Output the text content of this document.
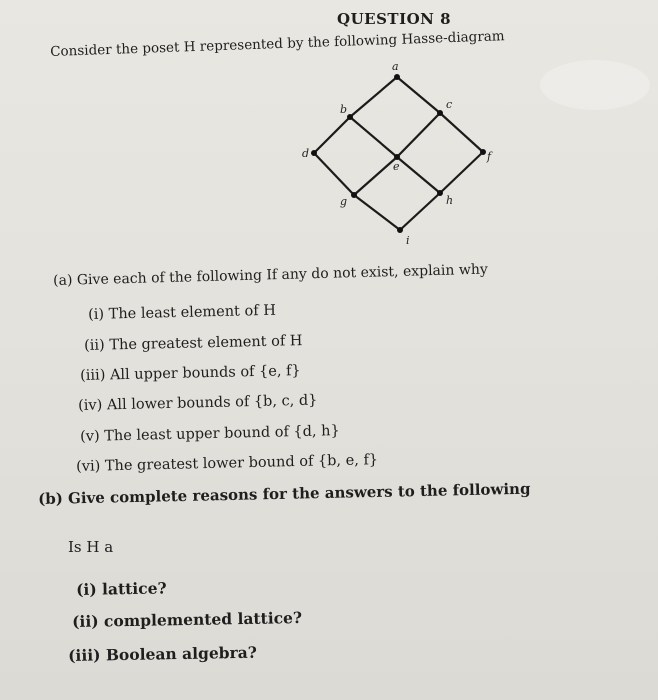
QUESTION 8
Consider the poset H represented by the following Hasse-diagram
a
b	c
d
e
f
g	h
i
(a) Give each of the following If any do not exist, explain why
(i) The least element of H
(ii) The greatest element of H
(iii) All upper bounds of {e, f}
(iv) All lower bounds of {b, c, d}
(v) The least upper bound of {d, h}
(vi) The greatest lower bound of {b, e, f}
(b) Give complete reasons for the answers to the following
Is H a
(i) lattice?
(ii) complemented lattice?
(iii) Boolean algebra?
